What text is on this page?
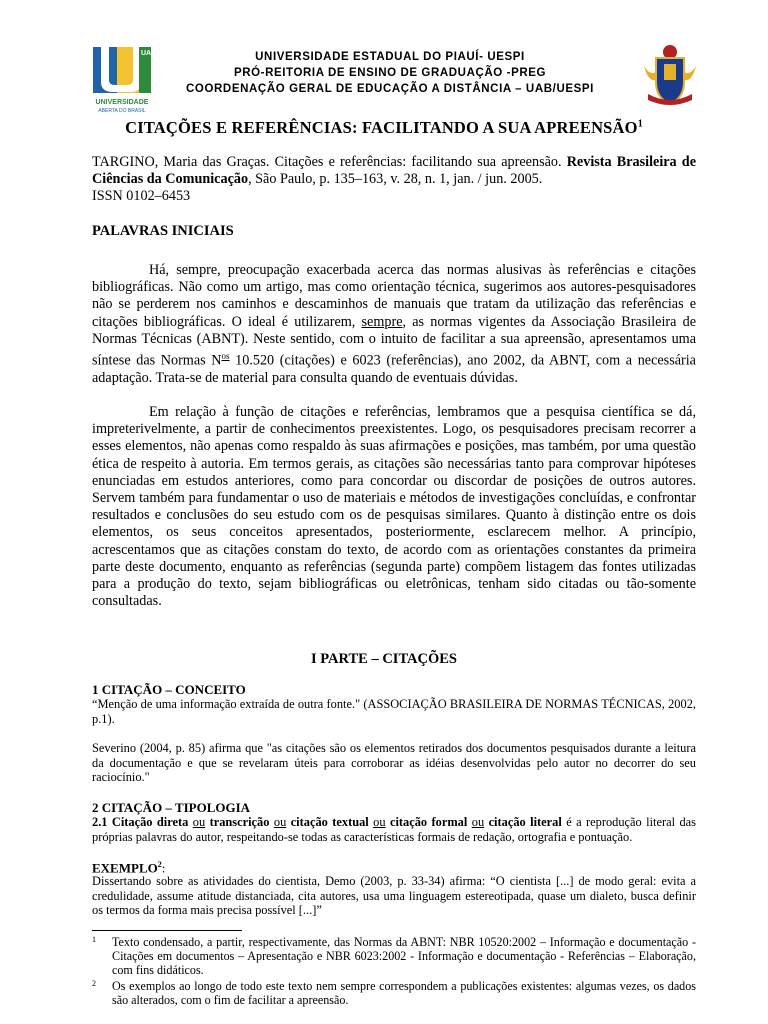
UAB
UNIVERSIDADE
ABERTA DO BRASIL
UNIVERSIDADE ESTADUAL DO PIAUÍ- UESPI
PRÓ-REITORIA DE ENSINO DE GRADUAÇÃO -PREG
COORDENAÇÃO GERAL DE EDUCAÇÃO A DISTÂNCIA – UAB/UESPI
CITAÇÕES E REFERÊNCIAS: FACILITANDO A SUA APREENSÃO$^1$
TARGINO, Maria das Graças. Citações e referências: facilitando sua apreensão. Revista Brasileira de Ciências da Comunicação, São Paulo, p. 135–163, v. 28, n. 1, jan. / jun. 2005.
ISSN 0102–6453
PALAVRAS INICIAIS
Há, sempre, preocupação exacerbada acerca das normas alusivas às referências e citações bibliográficas. Não como um artigo, mas como orientação técnica, sugerimos aos autores-pesquisadores não se perderem nos caminhos e descaminhos de manuais que tratam da utilização das referências e citações bibliográficas. O ideal é utilizarem, sempre, as normas vigentes da Associação Brasileira de Normas Técnicas (ABNT). Neste sentido, com o intuito de facilitar a sua apreensão, apresentamos uma síntese das Normas $N^{os}$ 10.520 (citações) e 6023 (referências), ano 2002, da ABNT, com a necessária adaptação. Trata-se de material para consulta quando de eventuais dúvidas.
Em relação à função de citações e referências, lembramos que a pesquisa científica se dá, impreterivelmente, a partir de conhecimentos preexistentes. Logo, os pesquisadores precisam recorrer a esses elementos, não apenas como respaldo às suas afirmações e posições, mas também, por uma questão ética de respeito à autoria. Em termos gerais, as citações são necessárias tanto para comprovar hipóteses enunciadas em estudos anteriores, como para concordar ou discordar de posições de outros autores. Servem também para fundamentar o uso de materiais e métodos de investigações concluídas, e confrontar resultados e conclusões do seu estudo com os de pesquisas similares. Quanto à distinção entre os dois elementos, os seus conceitos apresentados, posteriormente, esclarecem melhor. A princípio, acrescentamos que as citações constam do texto, de acordo com as orientações constantes da primeira parte deste documento, enquanto as referências (segunda parte) compõem listagem das fontes utilizadas para a produção do texto, sejam bibliográficas ou eletrônicas, tenham sido citadas ou tão-somente consultadas.
I PARTE – CITAÇÕES
1 CITAÇÃO – CONCEITO
“Menção de uma informação extraída de outra fonte." (ASSOCIAÇÃO BRASILEIRA DE NORMAS TÉCNICAS, 2002, p.1).
Severino (2004, p. 85) afirma que "as citações são os elementos retirados dos documentos pesquisados durante a leitura da documentação e que se revelaram úteis para corroborar as idéias desenvolvidas pelo autor no decorrer do seu raciocínio."
2 CITAÇÃO – TIPOLOGIA
2.1 Citação direta ou transcrição ou citação textual ou citação formal ou citação literal é a reprodução literal das próprias palavras do autor, respeitando-se todas as características formais de redação, ortografia e pontuação.
EXEMPLO$^2$:
Dissertando sobre as atividades do cientista, Demo (2003, p. 33-34) afirma: “O cientista [...] de modo geral: evita a credulidade, assume atitude distanciada, cita autores, usa uma linguagem estereotipada, quase um dialeto, busca definir os termos da forma mais precisa possível [...]”
1	Texto condensado, a partir, respectivamente, das Normas da ABNT: NBR 10520:2002 – Informação e documentação - Citações em documentos – Apresentação e NBR 6023:2002 - Informação e documentação - Referências – Elaboração, com fins didáticos.
2	Os exemplos ao longo de todo este texto nem sempre correspondem a publicações existentes: algumas vezes, os dados são alterados, com o fim de facilitar a apreensão.
